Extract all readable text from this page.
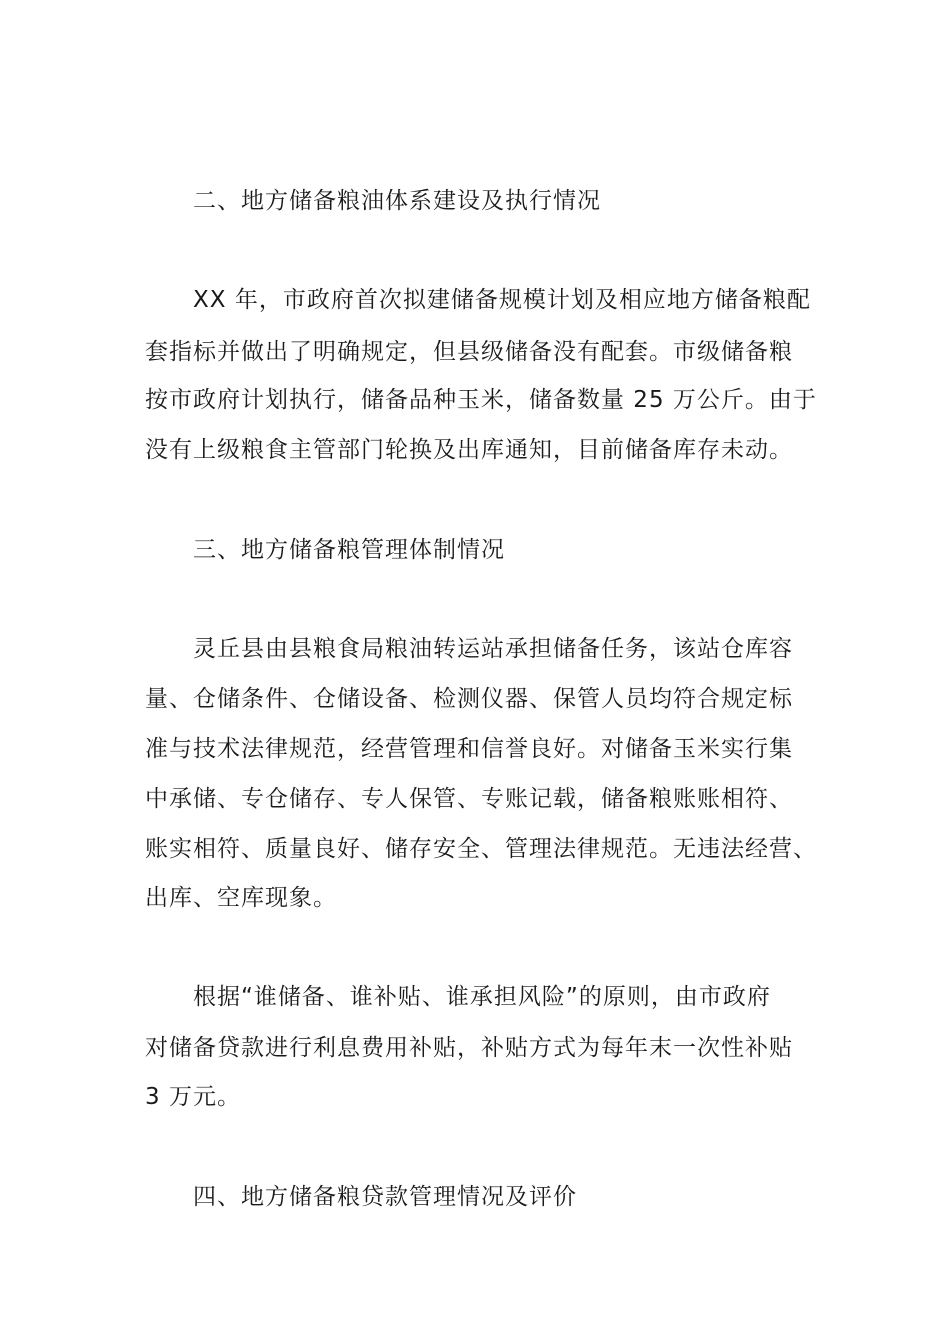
二、地方储备粮油体系建设及执行情况
XX 年，市政府首次拟建储备规模计划及相应地方储备粮配
套指标并做出了明确规定，但县级储备没有配套。市级储备粮
按市政府计划执行，储备品种玉米，储备数量 25 万公斤。由于
没有上级粮食主管部门轮换及出库通知，目前储备库存未动。
三、地方储备粮管理体制情况
灵丘县由县粮食局粮油转运站承担储备任务，该站仓库容
量、仓储条件、仓储设备、检测仪器、保管人员均符合规定标
准与技术法律规范，经营管理和信誉良好。对储备玉米实行集
中承储、专仓储存、专人保管、专账记载，储备粮账账相符、
账实相符、质量良好、储存安全、管理法律规范。无违法经营、
出库、空库现象。
根据“谁储备、谁补贴、谁承担风险”的原则，由市政府
对储备贷款进行利息费用补贴，补贴方式为每年末一次性补贴
3 万元。
四、地方储备粮贷款管理情况及评价
